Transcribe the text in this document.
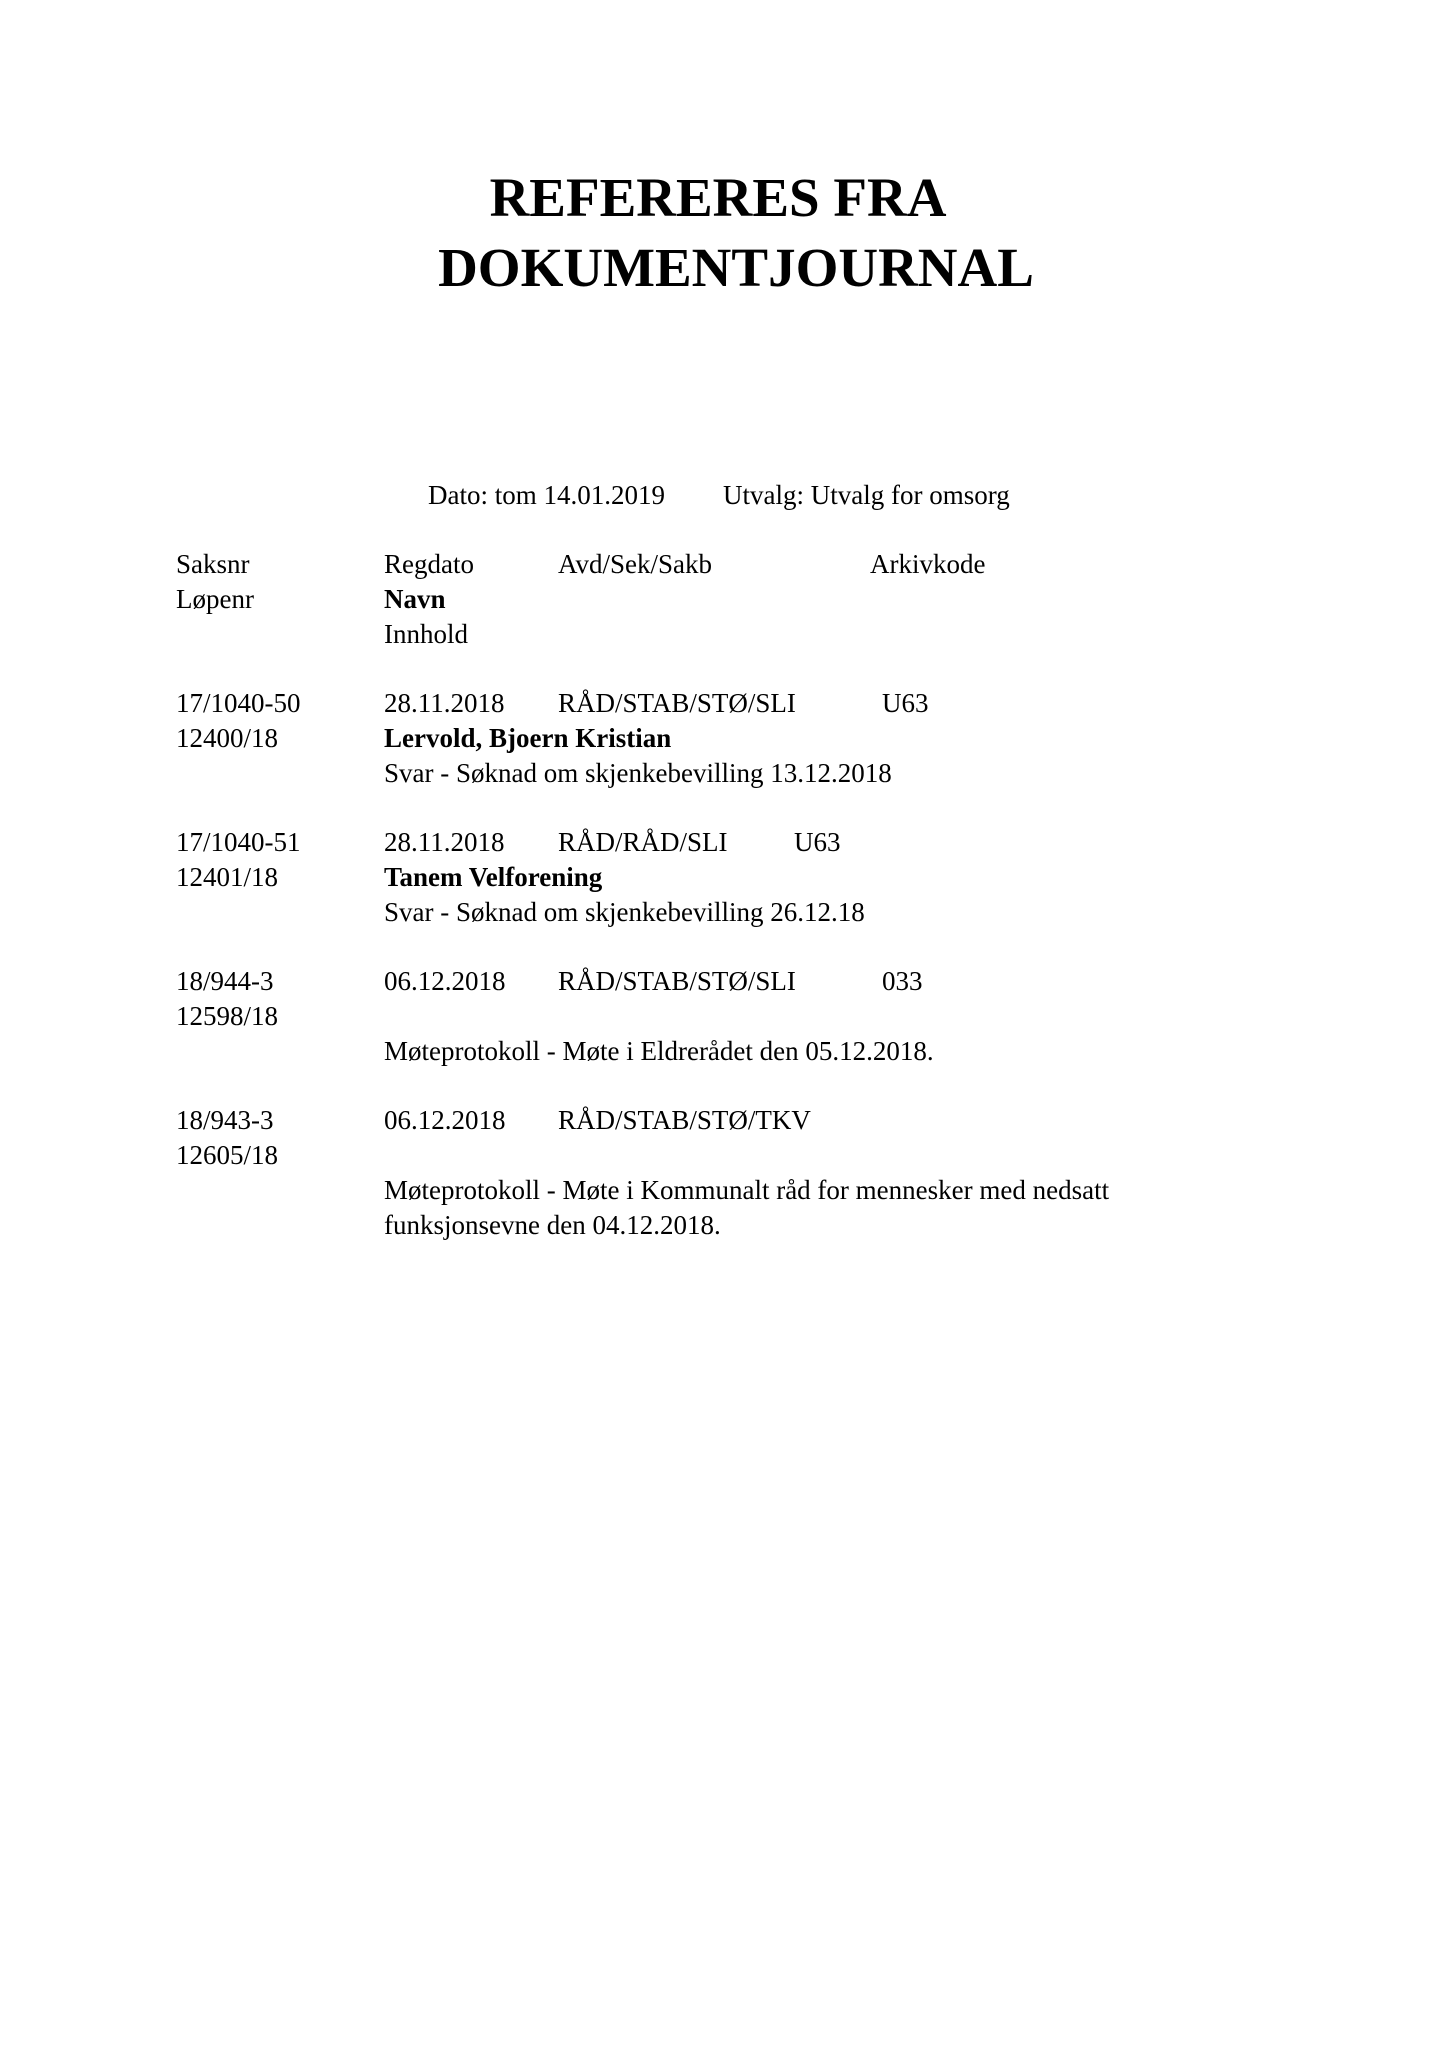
REFERERES FRA
DOKUMENTJOURNAL
Dato: tom 14.01.2019 Utvalg: Utvalg for omsorg
Saksnr	Regdato	Avd/Sek/Sakb	Arkivkode
Løpenr	Navn
Innhold
17/1040-50	28.11.2018 RÅD/STAB/STØ/SLI	U63
12400/18	Lervold, Bjoern Kristian
Svar - Søknad om skjenkebevilling 13.12.2018
17/1040-51	28.11.2018 RÅD/RÅD/SLI U63
12401/18	Tanem Velforening
Svar - Søknad om skjenkebevilling 26.12.18
18/944-3	06.12.2018 RÅD/STAB/STØ/SLI	033
12598/18
Møteprotokoll - Møte i Eldrerådet den 05.12.2018.
18/943-3	06.12.2018 RÅD/STAB/STØ/TKV
12605/18
Møteprotokoll - Møte i Kommunalt råd for mennesker med nedsatt
funksjonsevne den 04.12.2018.
